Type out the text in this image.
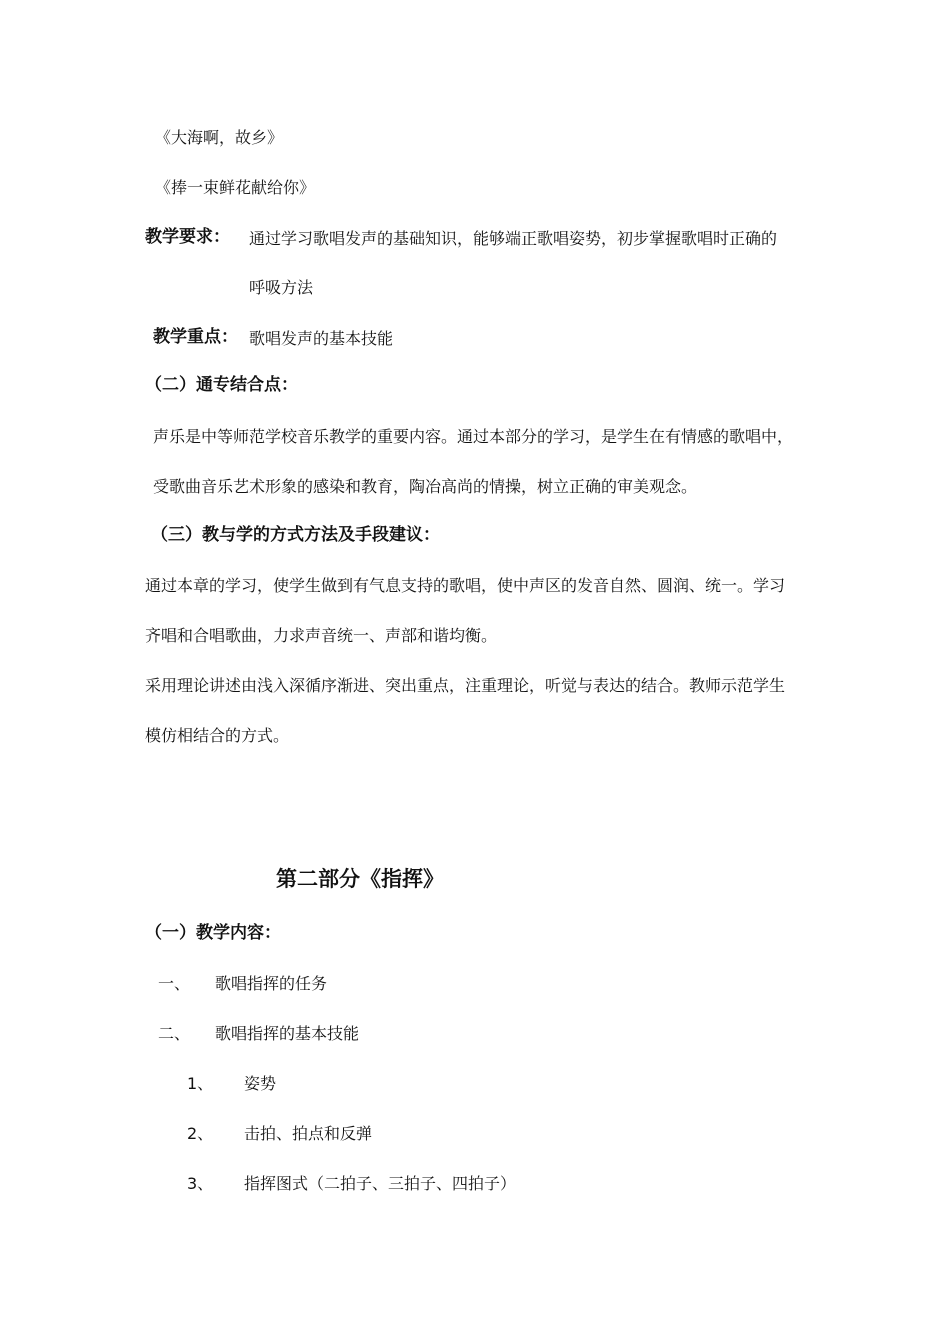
《大海啊，故乡》
《捧一束鲜花献给你》
教学要求： 通过学习歌唱发声的基础知识，能够端正歌唱姿势，初步掌握歌唱时正确的
呼吸方法
教学重点： 歌唱发声的基本技能
（二）通专结合点：
声乐是中等师范学校音乐教学的重要内容。通过本部分的学习，是学生在有情感的歌唱中，
受歌曲音乐艺术形象的感染和教育，陶冶高尚的情操，树立正确的审美观念。
（三）教与学的方式方法及手段建议：
通过本章的学习，使学生做到有气息支持的歌唱，使中声区的发音自然、圆润、统一。学习
齐唱和合唱歌曲，力求声音统一、声部和谐均衡。
采用理论讲述由浅入深循序渐进、突出重点，注重理论，听觉与表达的结合。教师示范学生
模仿相结合的方式。
第二部分《指挥》
（一）教学内容：
一、 歌唱指挥的任务
二、 歌唱指挥的基本技能
1、 姿势
2、 击拍、拍点和反弹
3、 指挥图式（二拍子、三拍子、四拍子）
